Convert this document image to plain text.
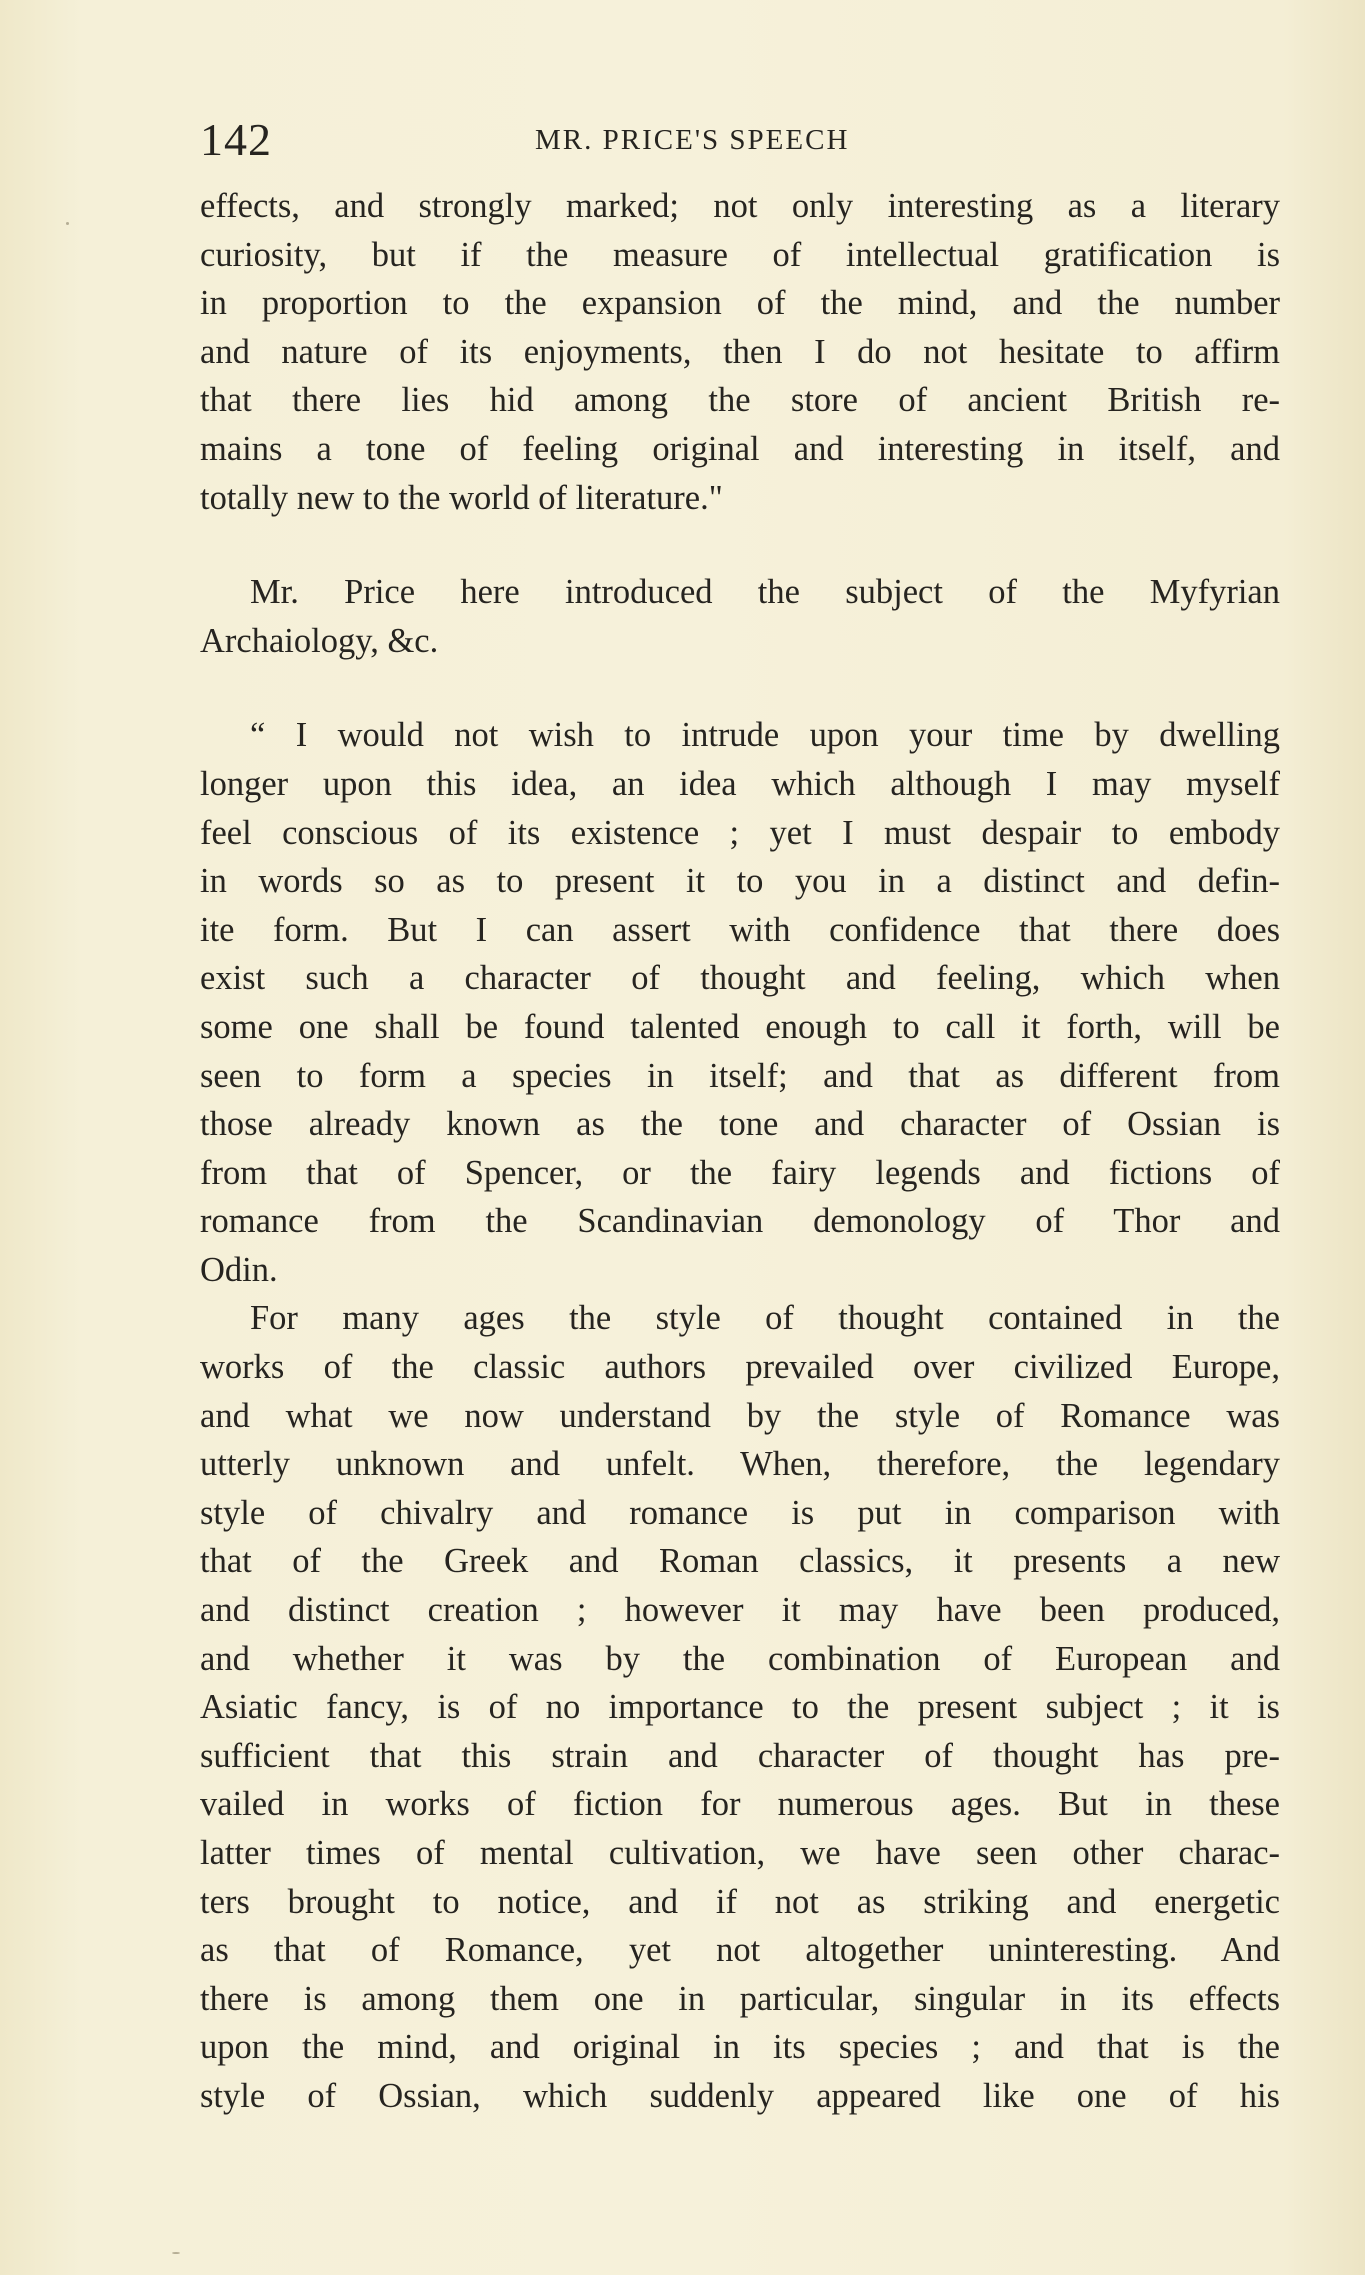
142	MR. PRICE'S SPEECH
effects, and strongly marked; not only interesting as a literary
curiosity, but if the measure of intellectual gratification is
in proportion to the expansion of the mind, and the number
and nature of its enjoyments, then I do not hesitate to affirm
that there lies hid among the store of ancient British re-
mains a tone of feeling original and interesting in itself, and
totally new to the world of literature."
Mr. Price here introduced the subject of the Myfyrian
Archaiology, &c.
“ I would not wish to intrude upon your time by dwelling
longer upon this idea, an idea which although I may myself
feel conscious of its existence ; yet I must despair to embody
in words so as to present it to you in a distinct and defin-
ite form. But I can assert with confidence that there does
exist such a character of thought and feeling, which when
some one shall be found talented enough to call it forth, will be
seen to form a species in itself; and that as different from
those already known as the tone and character of Ossian is
from that of Spencer, or the fairy legends and fictions of
romance from the Scandinavian demonology of Thor and
Odin.
For many ages the style of thought contained in the
works of the classic authors prevailed over civilized Europe,
and what we now understand by the style of Romance was
utterly unknown and unfelt. When, therefore, the legendary
style of chivalry and romance is put in comparison with
that of the Greek and Roman classics, it presents a new
and distinct creation ; however it may have been produced,
and whether it was by the combination of European and
Asiatic fancy, is of no importance to the present subject ; it is
sufficient that this strain and character of thought has pre-
vailed in works of fiction for numerous ages. But in these
latter times of mental cultivation, we have seen other charac-
ters brought to notice, and if not as striking and energetic
as that of Romance, yet not altogether uninteresting. And
there is among them one in particular, singular in its effects
upon the mind, and original in its species ; and that is the
style of Ossian, which suddenly appeared like one of his
